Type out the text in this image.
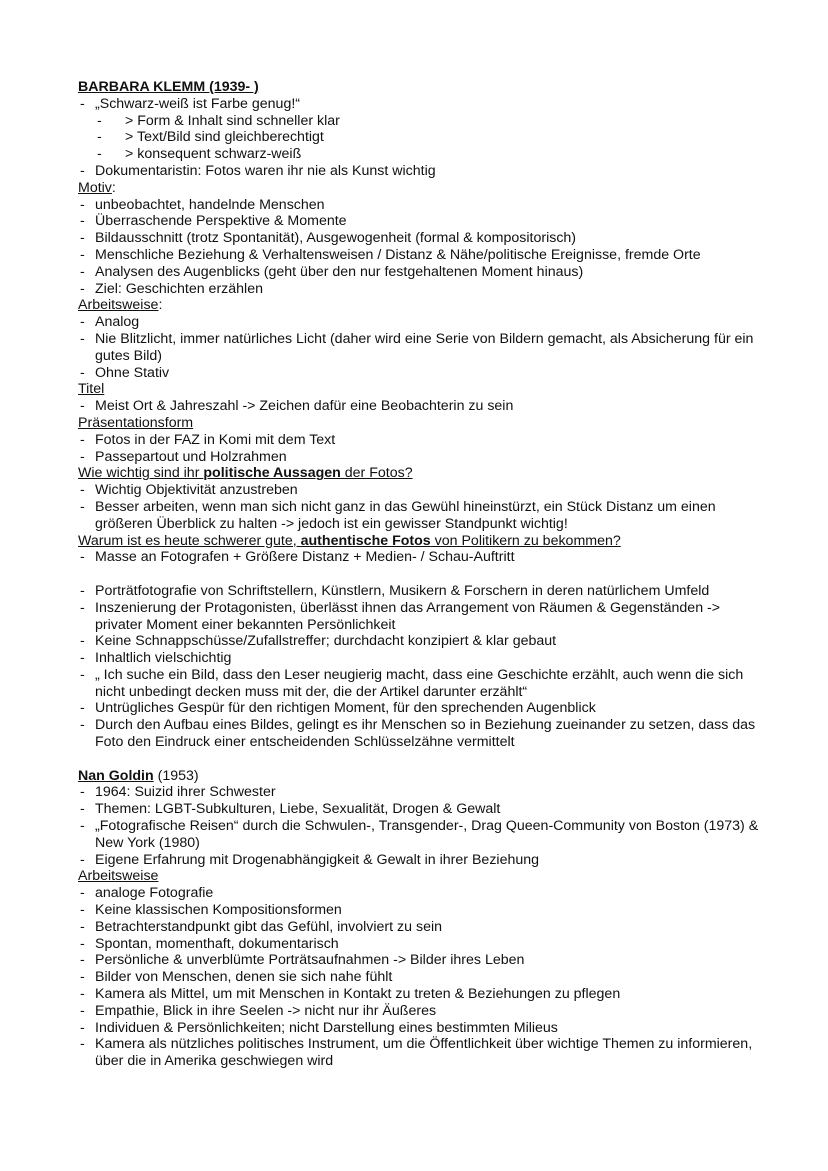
BARBARA KLEMM (1939- )
- „Schwarz-weiß ist Farbe genug!“
- > Form & Inhalt sind schneller klar
- > Text/Bild sind gleichberechtigt
- > konsequent schwarz-weiß
- Dokumentaristin: Fotos waren ihr nie als Kunst wichtig
Motiv:
- unbeobachtet, handelnde Menschen
- Überraschende Perspektive & Momente
- Bildausschnitt (trotz Spontanität), Ausgewogenheit (formal & kompositorisch)
- Menschliche Beziehung & Verhaltensweisen / Distanz & Nähe/politische Ereignisse, fremde Orte
- Analysen des Augenblicks (geht über den nur festgehaltenen Moment hinaus)
- Ziel: Geschichten erzählen
Arbeitsweise:
- Analog
- Nie Blitzlicht, immer natürliches Licht (daher wird eine Serie von Bildern gemacht, als Absicherung für ein gutes Bild)
- Ohne Stativ
Titel
- Meist Ort & Jahreszahl -> Zeichen dafür eine Beobachterin zu sein
Präsentationsform
- Fotos in der FAZ in Komi mit dem Text
- Passepartout und Holzrahmen
Wie wichtig sind ihr politische Aussagen der Fotos?
- Wichtig Objektivität anzustreben
- Besser arbeiten, wenn man sich nicht ganz in das Gewühl hineinstürzt, ein Stück Distanz um einen größeren Überblick zu halten -> jedoch ist ein gewisser Standpunkt wichtig!
Warum ist es heute schwerer gute, authentische Fotos von Politikern zu bekommen?
- Masse an Fotografen + Größere Distanz + Medien- / Schau-Auftritt
- Porträtfotografie von Schriftstellern, Künstlern, Musikern & Forschern in deren natürlichem Umfeld
- Inszenierung der Protagonisten, überlässt ihnen das Arrangement von Räumen & Gegenständen -> privater Moment einer bekannten Persönlichkeit
- Keine Schnappschüsse/Zufallstreffer; durchdacht konzipiert & klar gebaut
- Inhaltlich vielschichtig
- „ Ich suche ein Bild, dass den Leser neugierig macht, dass eine Geschichte erzählt, auch wenn die sich nicht unbedingt decken muss mit der, die der Artikel darunter erzählt“
- Untrügliches Gespür für den richtigen Moment, für den sprechenden Augenblick
- Durch den Aufbau eines Bildes, gelingt es ihr Menschen so in Beziehung zueinander zu setzen, dass das Foto den Eindruck einer entscheidenden Schlüsselzähne vermittelt
Nan Goldin (1953)
- 1964: Suizid ihrer Schwester
- Themen: LGBT-Subkulturen, Liebe, Sexualität, Drogen & Gewalt
- „Fotografische Reisen“ durch die Schwulen-, Transgender-, Drag Queen-Community von Boston (1973) & New York (1980)
- Eigene Erfahrung mit Drogenabhängigkeit & Gewalt in ihrer Beziehung
Arbeitsweise
- analoge Fotografie
- Keine klassischen Kompositionsformen
- Betrachterstandpunkt gibt das Gefühl, involviert zu sein
- Spontan, momenthaft, dokumentarisch
- Persönliche & unverblümte Porträtsaufnahmen -> Bilder ihres Leben
- Bilder von Menschen, denen sie sich nahe fühlt
- Kamera als Mittel, um mit Menschen in Kontakt zu treten & Beziehungen zu pflegen
- Empathie, Blick in ihre Seelen -> nicht nur ihr Äußeres
- Individuen & Persönlichkeiten; nicht Darstellung eines bestimmten Milieus
- Kamera als nützliches politisches Instrument, um die Öffentlichkeit über wichtige Themen zu informieren, über die in Amerika geschwiegen wird
